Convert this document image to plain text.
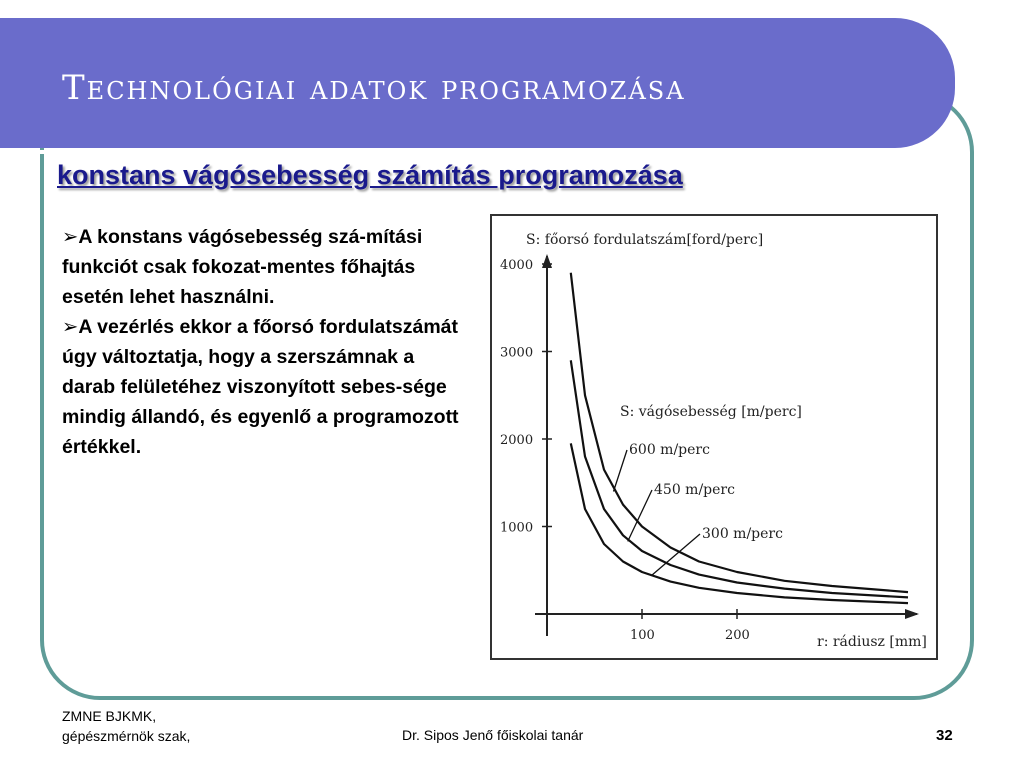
Technológiai adatok programozása
konstans vágósebesség számítás programozása

➢A konstans vágósebesség szá-mítási funkciót csak fokozat-mentes főhajtás esetén lehet használni.

➢A vezérlés ekkor a főorsó fordulatszámát úgy változtatja, hogy a szerszámnak a darab felületéhez viszonyított sebes-sége mindig állandó, és egyenlő a programozott értékkel.

S: főorsó fordulatszám[ford/perc]
r: rádiusz [mm]
S: vágósebesség [m/perc]
1000
2000
3000
4000
100	200
600 m/perc
450 m/perc
300 m/perc
ZMNE BJKMK,
gépészmérnök szak,	Dr. Sipos Jenő főiskolai tanár	32
